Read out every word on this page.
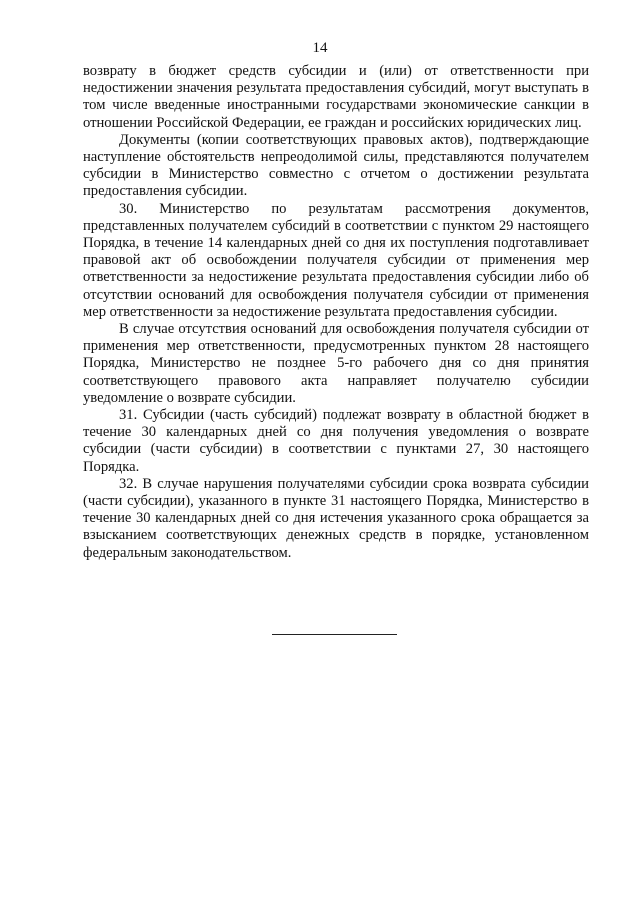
14

возврату в бюджет средств субсидии и (или) от ответственности при недостижении значения результата предоставления субсидий, могут выступать в том числе введенные иностранными государствами экономические санкции в отношении Российской Федерации, ее граждан и российских юридических лиц.

Документы (копии соответствующих правовых актов), подтверждающие наступление обстоятельств непреодолимой силы, представляются получателем субсидии в Министерство совместно с отчетом о достижении результата предоставления субсидии.

30. Министерство по результатам рассмотрения документов, представленных получателем субсидий в соответствии с пунктом 29 настоящего Порядка, в течение 14 календарных дней со дня их поступления подготавливает правовой акт об освобождении получателя субсидии от применения мер ответственности за недостижение результата предоставления субсидии либо об отсутствии оснований для освобождения получателя субсидии от применения мер ответственности за недостижение результата предоставления субсидии.

В случае отсутствия оснований для освобождения получателя субсидии от применения мер ответственности, предусмотренных пунктом 28 настоящего Порядка, Министерство не позднее 5-го рабочего дня со дня принятия соответствующего правового акта направляет получателю субсидии уведомление о возврате субсидии.

31. Субсидии (часть субсидий) подлежат возврату в областной бюджет в течение 30 календарных дней со дня получения уведомления о возврате субсидии (части субсидии) в соответствии с пунктами 27, 30 настоящего Порядка.

32. В случае нарушения получателями субсидии срока возврата субсидии (части субсидии), указанного в пункте 31 настоящего Порядка, Министерство в течение 30 календарных дней со дня истечения указанного срока обращается за взысканием соответствующих денежных средств в порядке, установленном федеральным законодательством.
